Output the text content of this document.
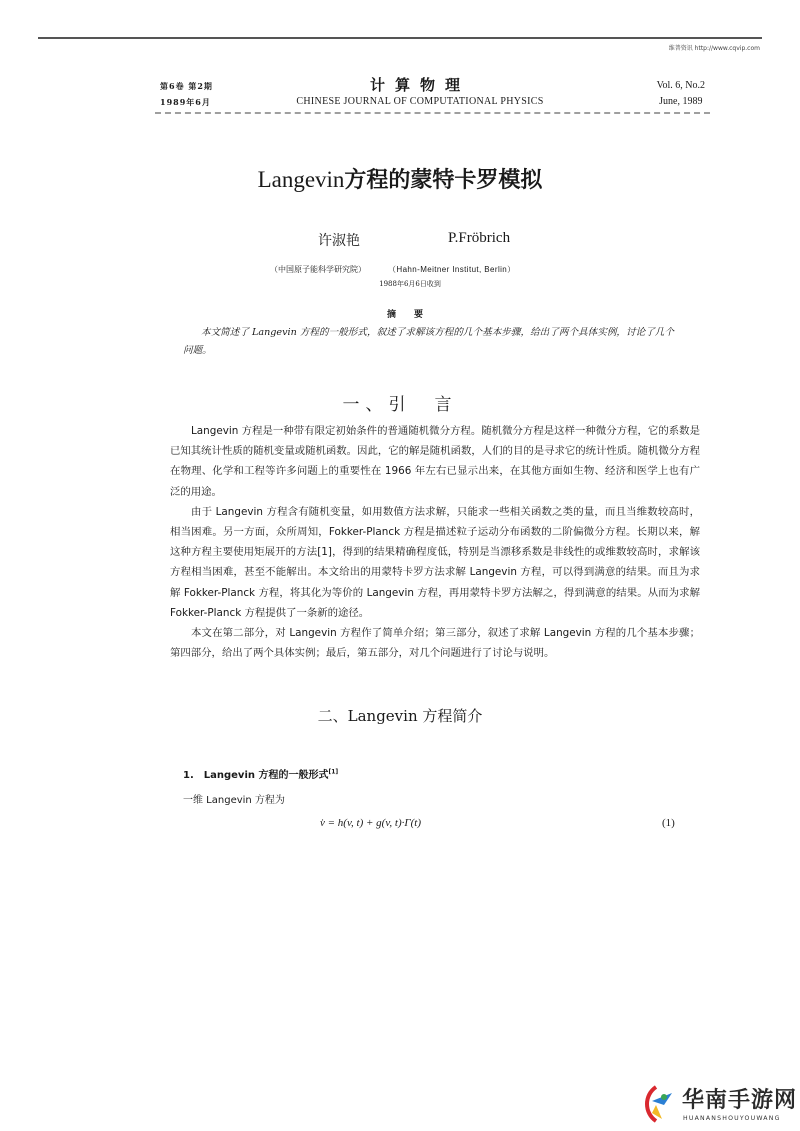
维普资讯 http://www.cqvip.com
第6卷 第2期
1989年6月
计算物理
CHINESE JOURNAL OF COMPUTATIONAL PHYSICS
Vol. 6, No.2
June, 1989
Langevin方程的蒙特卡罗模拟
许淑艳	P.Fröbrich
（中国原子能科学研究院）	（Hahn-Meitner Institut, Berlin）
1988年6月6日收到
摘要

本文简述了 Langevin 方程的一般形式，叙述了求解该方程的几个基本步骤，给出了两个具体实例，讨论了几个问题。

一、引　言

Langevin 方程是一种带有限定初始条件的普通随机微分方程。随机微分方程是这样一种微分方程，它的系数是已知其统计性质的随机变量或随机函数。因此，它的解是随机函数，人们的目的是寻求它的统计性质。随机微分方程在物理、化学和工程等许多问题上的重要性在 1966 年左右已显示出来，在其他方面如生物、经济和医学上也有广泛的用途。

由于 Langevin 方程含有随机变量，如用数值方法求解，只能求一些相关函数之类的量，而且当维数较高时，相当困难。另一方面，众所周知，Fokker-Planck 方程是描述粒子运动分布函数的二阶偏微分方程。长期以来，解这种方程主要使用矩展开的方法[1]，得到的结果精确程度低，特别是当漂移系数是非线性的或维数较高时，求解该方程相当困难，甚至不能解出。本文给出的用蒙特卡罗方法求解 Langevin 方程，可以得到满意的结果。而且为求解 Fokker-Planck 方程，将其化为等价的 Langevin 方程，再用蒙特卡罗方法解之，得到满意的结果。从而为求解 Fokker-Planck 方程提供了一条新的途径。

本文在第二部分，对 Langevin 方程作了简单介绍；第三部分，叙述了求解 Langevin 方程的几个基本步骤；第四部分，给出了两个具体实例；最后，第五部分，对几个问题进行了讨论与说明。

二、Langevin 方程简介
1.　Langevin 方程的一般形式[1]
一维 Langevin 方程为
v̇ = h(v, t) + g(v, t)·Γ(t)	(1)
华南手游网
HUANANSHOUYOUWANG
